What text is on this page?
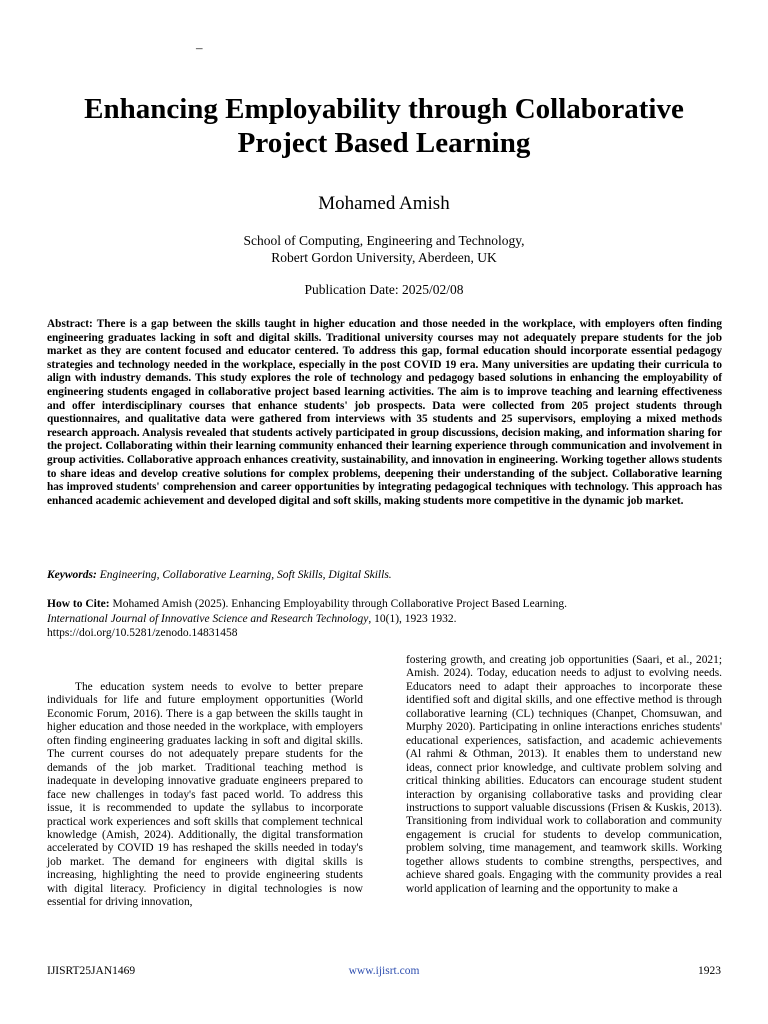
–
Enhancing Employability through Collaborative
Project Based Learning
Mohamed Amish
School of Computing, Engineering and Technology,
Robert Gordon University, Aberdeen, UK
Publication Date: 2025/02/08

Abstract: There is a gap between the skills taught in higher education and those needed in the workplace, with employers often finding engineering graduates lacking in soft and digital skills. Traditional university courses may not adequately prepare students for the job market as they are content focused and educator centered. To address this gap, formal education should incorporate essential pedagogy strategies and technology needed in the workplace, especially in the post COVID 19 era. Many universities are updating their curricula to align with industry demands. This study explores the role of technology and pedagogy based solutions in enhancing the employability of engineering students engaged in collaborative project based learning activities. The aim is to improve teaching and learning effectiveness and offer interdisciplinary courses that enhance students' job prospects. Data were collected from 205 project students through questionnaires, and qualitative data were gathered from interviews with 35 students and 25 supervisors, employing a mixed methods research approach. Analysis revealed that students actively participated in group discussions, decision making, and information sharing for the project. Collaborating within their learning community enhanced their learning experience through communication and involvement in group activities. Collaborative approach enhances creativity, sustainability, and innovation in engineering. Working together allows students to share ideas and develop creative solutions for complex problems, deepening their understanding of the subject. Collaborative learning has improved students' comprehension and career opportunities by integrating pedagogical techniques with technology. This approach has enhanced academic achievement and developed digital and soft skills, making students more competitive in the dynamic job market.

Keywords: Engineering, Collaborative Learning, Soft Skills, Digital Skills.
How to Cite: Mohamed Amish (2025). Enhancing Employability through Collaborative Project Based Learning.
International Journal of Innovative Science and Research Technology, 10(1), 1923 1932.
https://doi.org/10.5281/zenodo.14831458

The education system needs to evolve to better prepare individuals for life and future employment opportunities (World Economic Forum, 2016). There is a gap between the skills taught in higher education and those needed in the workplace, with employers often finding engineering graduates lacking in soft and digital skills. The current courses do not adequately prepare students for the demands of the job market. Traditional teaching method is inadequate in developing innovative graduate engineers prepared to face new challenges in today's fast paced world. To address this issue, it is recommended to update the syllabus to incorporate practical work experiences and soft skills that complement technical knowledge (Amish, 2024). Additionally, the digital transformation accelerated by COVID 19 has reshaped the skills needed in today's job market. The demand for engineers with digital skills is increasing, highlighting the need to provide engineering students with digital literacy. Proficiency in digital technologies is now essential for driving innovation,

fostering growth, and creating job opportunities (Saari, et al., 2021; Amish. 2024). Today, education needs to adjust to evolving needs. Educators need to adapt their approaches to incorporate these identified soft and digital skills, and one effective method is through collaborative learning (CL) techniques (Chanpet, Chomsuwan, and Murphy 2020). Participating in online interactions enriches students' educational experiences, satisfaction, and academic achievements (Al rahmi & Othman, 2013). It enables them to understand new ideas, connect prior knowledge, and cultivate problem solving and critical thinking abilities. Educators can encourage student student interaction by organising collaborative tasks and providing clear instructions to support valuable discussions (Frisen & Kuskis, 2013). Transitioning from individual work to collaboration and community engagement is crucial for students to develop communication, problem solving, time management, and teamwork skills. Working together allows students to combine strengths, perspectives, and achieve shared goals. Engaging with the community provides a real world application of learning and the opportunity to make a

IJISRT25JAN1469	www.ijisrt.com	1923
